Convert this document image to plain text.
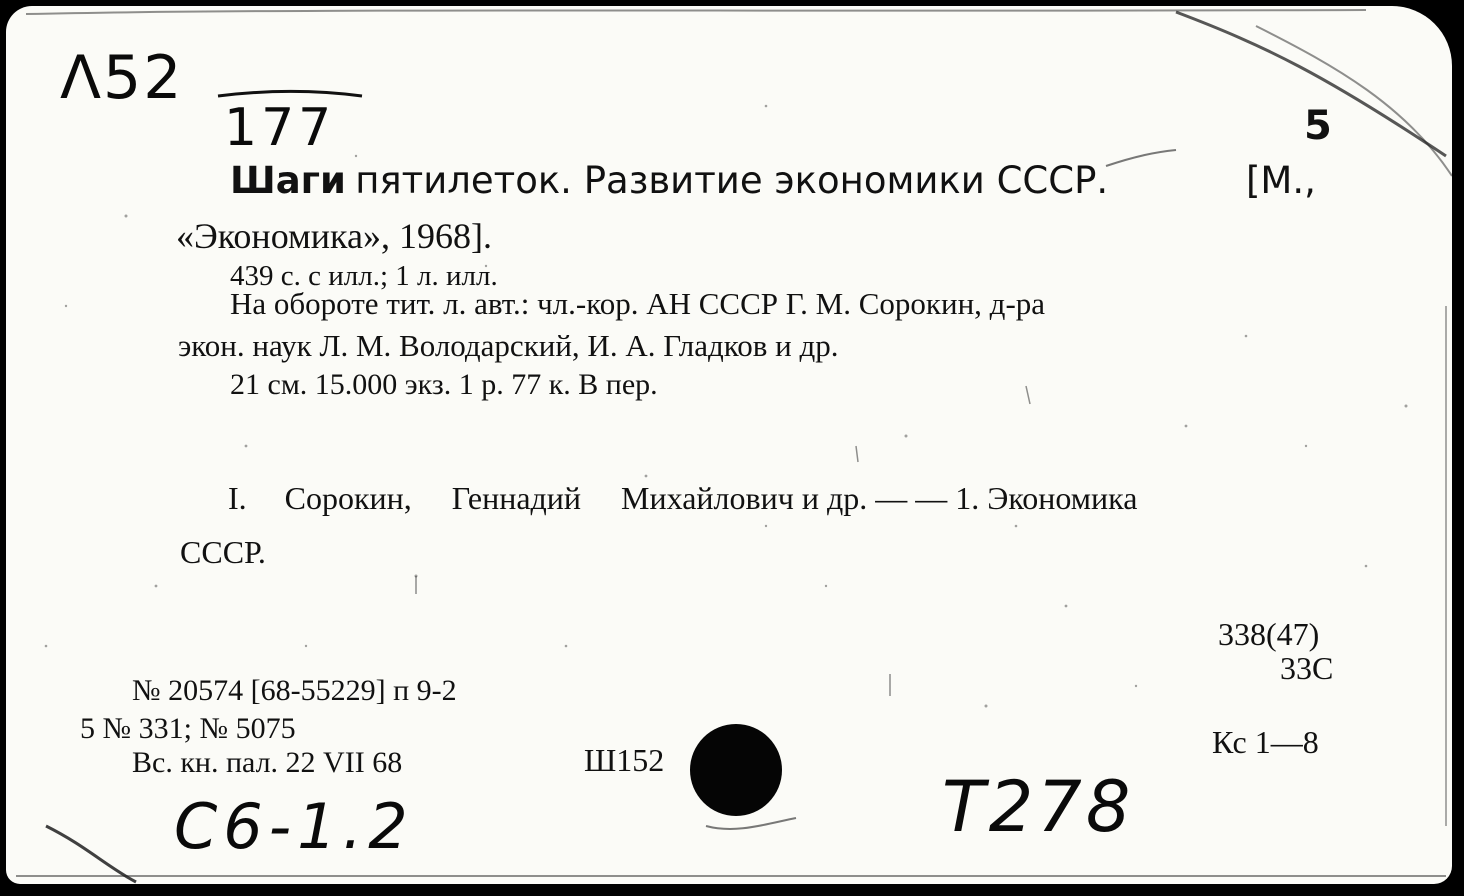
Λ52
177	5
Шаги пятилеток. Развитие экономики СССР.	[М.,
«Экономика», 1968].
439 с. с илл.; 1 л. илл.
На обороте тит. л. авт.: чл.-кор. АН СССР Г. М. Сорокин, д-ра
экон. наук Л. М. Володарский, И. А. Гладков и др.
21 см. 15.000 экз. 1 р. 77 к. В пер.
I. Сорокин, Геннадий Михайлович и др. — — 1. Экономика
СССР.
338(47)
33С
Кс 1—8
№ 20574 [68-55229] п 9-2
5 № 331; № 5075
Вс. кн. пал. 22 VII 68	Ш152
С6-1.2	Т278
